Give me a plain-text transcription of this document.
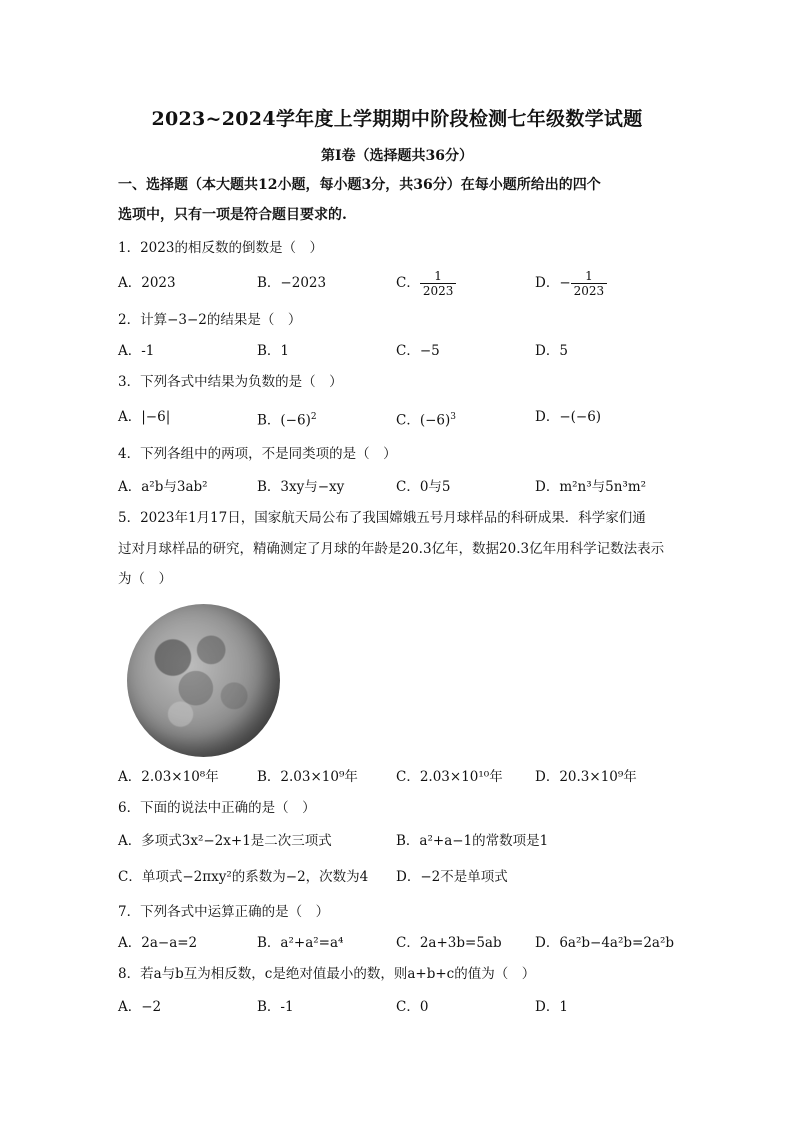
2023~2024学年度上学期期中阶段检测七年级数学试题
第Ⅰ卷（选择题共36分）
一、选择题（本大题共12小题，每小题3分，共36分）在每小题所给出的四个
选项中，只有一项是符合题目要求的.
1．2023的相反数的倒数是（　）
A．2023	B．−2023	C． $\frac{1}{2023}$	D．− $\frac{1}{2023}$
2．计算−3−2的结果是（　）
A．-1	B．1	C．−5	D．5
3．下列各式中结果为负数的是（　）
A．|−6|	B．$(-6)^2$	C．$(-6)^3$	D．−(−6)
4．下列各组中的两项，不是同类项的是（　）
A．a²b与3ab²	B．3xy与−xy	C．0与5	D．m²n³与5n³m²
5．2023年1月17日，国家航天局公布了我国嫦娥五号月球样品的科研成果．科学家们通
过对月球样品的研究，精确测定了月球的年龄是20.3亿年，数据20.3亿年用科学记数法表示
为（　）
A．2.03×10⁸年	B．2.03×10⁹年	C．2.03×10¹⁰年 D．20.3×10⁹年
6．下面的说法中正确的是（　）
A．多项式3x²−2x+1是二次三项式	B．a²+a−1的常数项是1
C．单项式−2πxy²的系数为−2，次数为4 D．−2不是单项式
7．下列各式中运算正确的是（　）
A．2a−a=2	B．a²+a²=a⁴	C．2a+3b=5ab D．6a²b−4a²b=2a²b
8．若a与b互为相反数，c是绝对值最小的数，则a+b+c的值为（　）
A．−2	B．-1	C．0	D．1
